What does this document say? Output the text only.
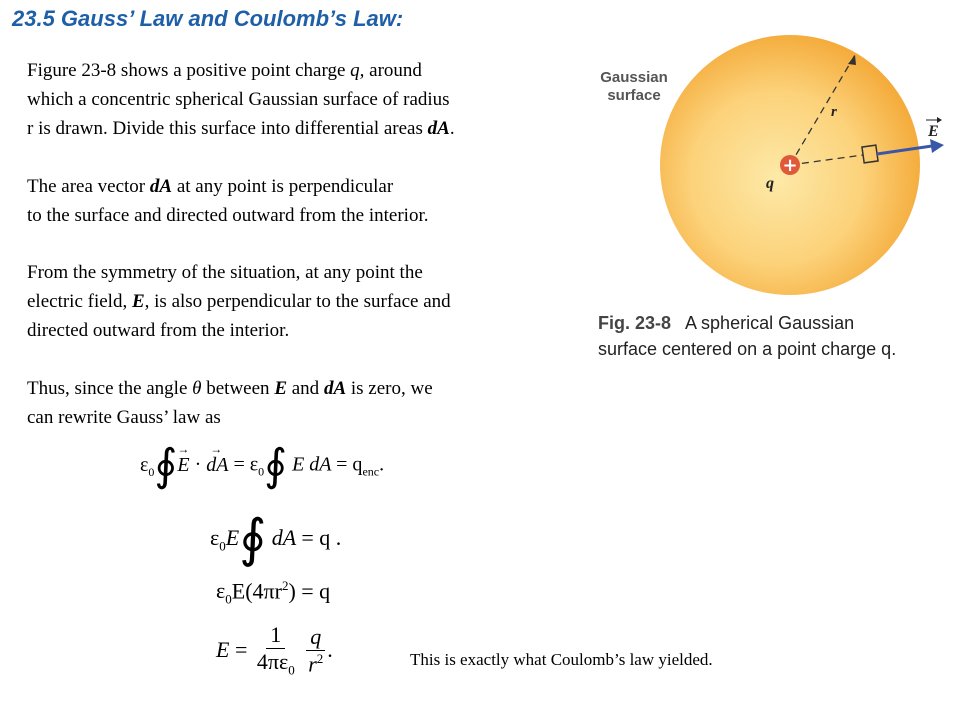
23.5 Gauss’ Law and Coulomb’s Law:
Figure 23-8 shows a positive point charge q, around
which a concentric spherical Gaussian surface of radius
r is drawn. Divide this surface into differential areas dA.
The area vector dA at any point is perpendicular
to the surface and directed outward from the interior.
From the symmetry of the situation, at any point the
electric field, E, is also perpendicular to the surface and
directed outward from the interior.
Thus, since the angle θ between E and dA is zero, we
can rewrite Gauss’ law as
$\varepsilon_0∮E$
→
· dA
→
= $\varepsilon_0∮$ E dA = $q_{enc}$.
$\varepsilon_0E∮$ dA = q .
$\varepsilon_0E(4\pi r^2) = q$
$E = \frac{1}{4\pi\varepsilon_0}$
$\frac{q}{r^2}$ .	This is exactly what Coulomb’s law yielded.
+
Gaussian
surface
r
q
E
Fig. 23-8 A spherical Gaussian
surface centered on a point charge q.
